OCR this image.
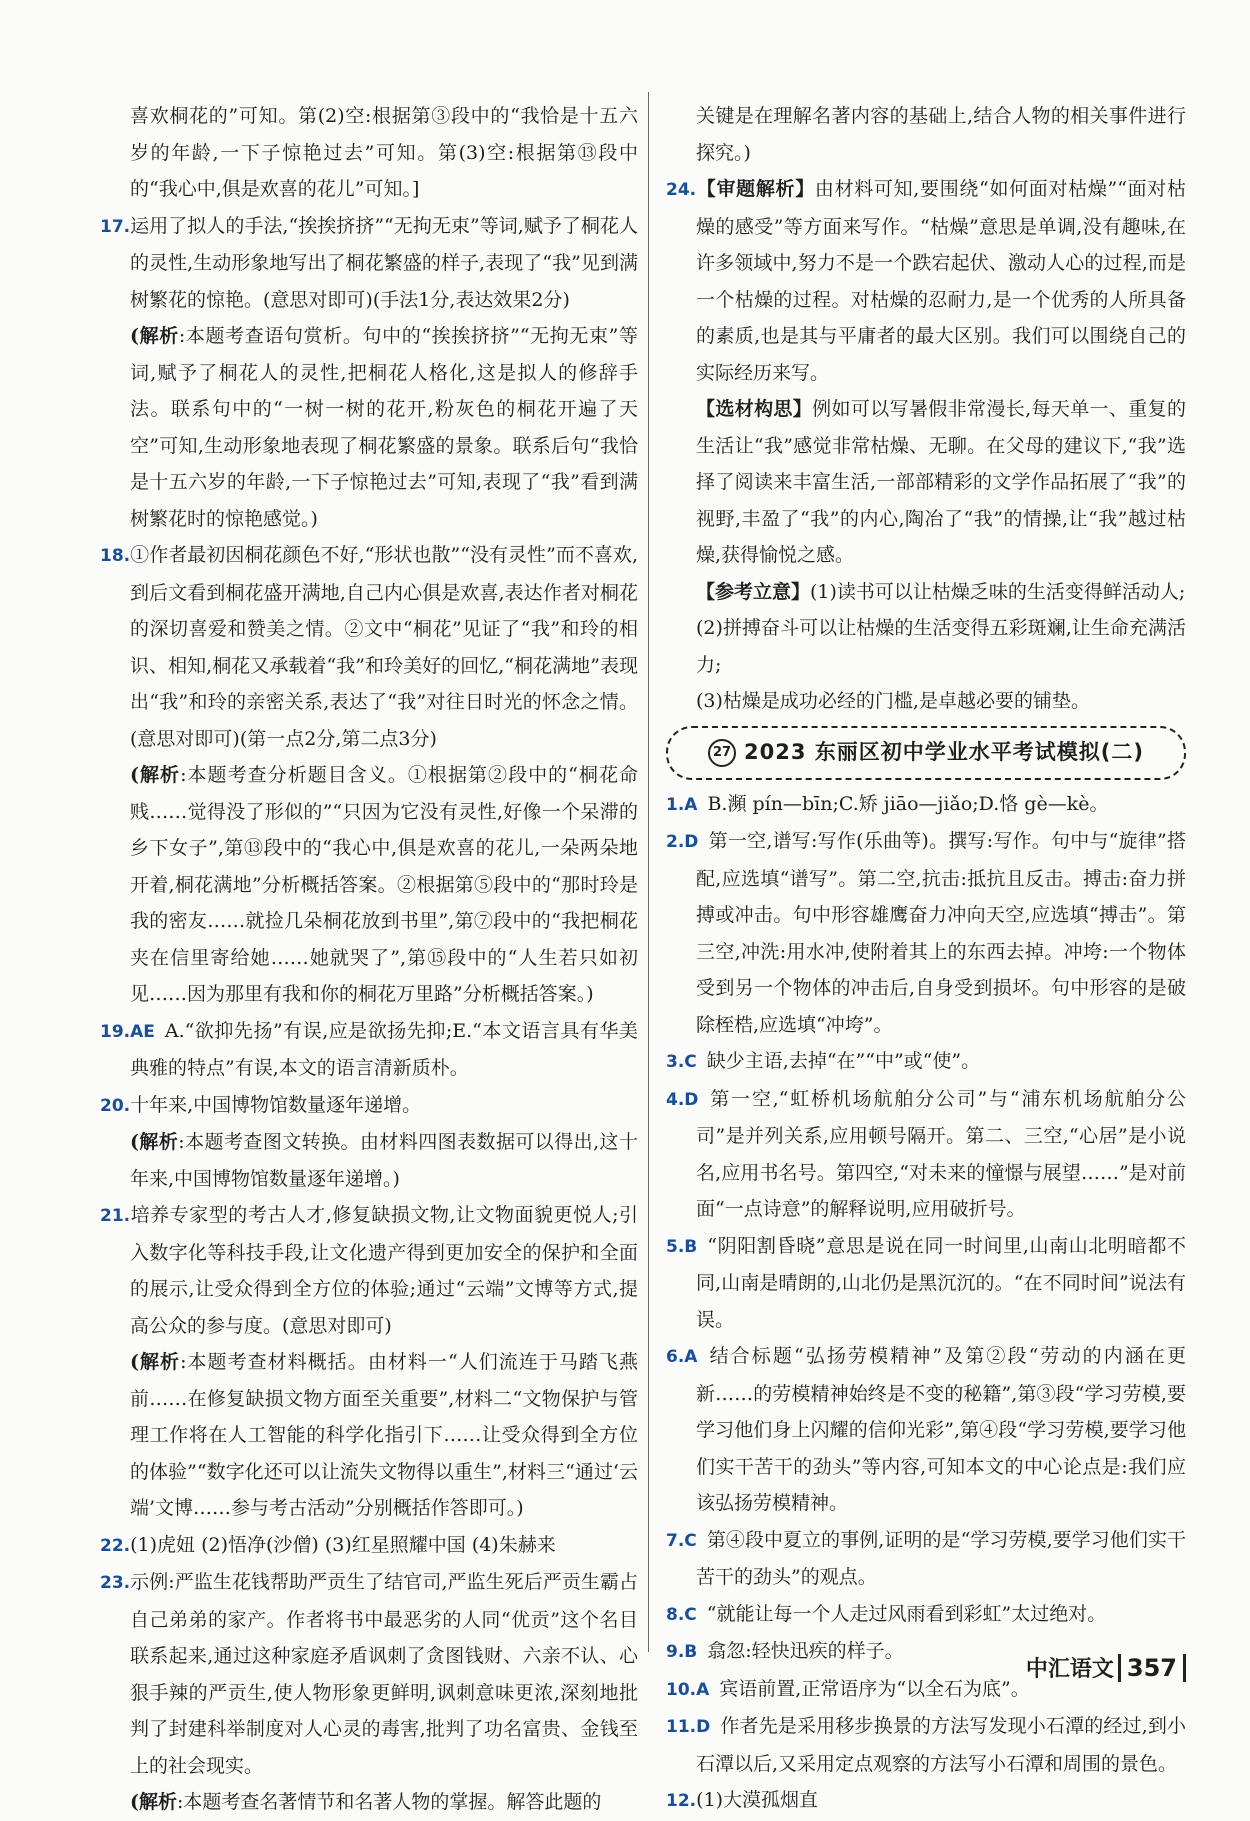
喜欢桐花的”可知。第(2)空:根据第③段中的“我恰是十五六岁的年龄,一下子惊艳过去”可知。第(3)空:根据第⑬段中的“我心中,俱是欢喜的花儿”可知。]

17.运用了拟人的手法,“挨挨挤挤”“无拘无束”等词,赋予了桐花人的灵性,生动形象地写出了桐花繁盛的样子,表现了“我”见到满树繁花的惊艳。(意思对即可)(手法1分,表达效果2分)

(解析:本题考查语句赏析。句中的“挨挨挤挤”“无拘无束”等词,赋予了桐花人的灵性,把桐花人格化,这是拟人的修辞手法。联系句中的“一树一树的花开,粉灰色的桐花开遍了天空”可知,生动形象地表现了桐花繁盛的景象。联系后句“我恰是十五六岁的年龄,一下子惊艳过去”可知,表现了“我”看到满树繁花时的惊艳感觉。)

18.①作者最初因桐花颜色不好,“形状也散”“没有灵性”而不喜欢,到后文看到桐花盛开满地,自己内心俱是欢喜,表达作者对桐花的深切喜爱和赞美之情。②文中“桐花”见证了“我”和玲的相识、相知,桐花又承载着“我”和玲美好的回忆,“桐花满地”表现出“我”和玲的亲密关系,表达了“我”对往日时光的怀念之情。(意思对即可)(第一点2分,第二点3分)

(解析:本题考查分析题目含义。①根据第②段中的“桐花命贱……觉得没了形似的”“只因为它没有灵性,好像一个呆滞的乡下女子”,第⑬段中的“我心中,俱是欢喜的花儿,一朵两朵地开着,桐花满地”分析概括答案。②根据第⑤段中的“那时玲是我的密友……就捡几朵桐花放到书里”,第⑦段中的“我把桐花夹在信里寄给她……她就哭了”,第⑮段中的“人生若只如初见……因为那里有我和你的桐花万里路”分析概括答案。)

19.AE A.“欲抑先扬”有误,应是欲扬先抑;E.“本文语言具有华美典雅的特点”有误,本文的语言清新质朴。

20.十年来,中国博物馆数量逐年递增。

(解析:本题考查图文转换。由材料四图表数据可以得出,这十年来,中国博物馆数量逐年递增。)

21.培养专家型的考古人才,修复缺损文物,让文物面貌更悦人;引入数字化等科技手段,让文化遗产得到更加安全的保护和全面的展示,让受众得到全方位的体验;通过“云端”文博等方式,提高公众的参与度。(意思对即可)

(解析:本题考查材料概括。由材料一“人们流连于马踏飞燕前……在修复缺损文物方面至关重要”,材料二“文物保护与管理工作将在人工智能的科学化指引下……让受众得到全方位的体验”“数字化还可以让流失文物得以重生”,材料三“通过‘云端’文博……参与考古活动”分别概括作答即可。)

22.(1)虎妞 (2)悟净(沙僧) (3)红星照耀中国 (4)朱赫来

23.示例:严监生花钱帮助严贡生了结官司,严监生死后严贡生霸占自己弟弟的家产。作者将书中最恶劣的人同“优贡”这个名目联系起来,通过这种家庭矛盾讽刺了贪图钱财、六亲不认、心狠手辣的严贡生,使人物形象更鲜明,讽刺意味更浓,深刻地批判了封建科举制度对人心灵的毒害,批判了功名富贵、金钱至上的社会现实。

(解析:本题考查名著情节和名著人物的掌握。解答此题的

关键是在理解名著内容的基础上,结合人物的相关事件进行探究。)

24.【审题解析】由材料可知,要围绕“如何面对枯燥”“面对枯燥的感受”等方面来写作。“枯燥”意思是单调,没有趣味,在许多领域中,努力不是一个跌宕起伏、激动人心的过程,而是一个枯燥的过程。对枯燥的忍耐力,是一个优秀的人所具备的素质,也是其与平庸者的最大区别。我们可以围绕自己的实际经历来写。

【选材构思】例如可以写暑假非常漫长,每天单一、重复的生活让“我”感觉非常枯燥、无聊。在父母的建议下,“我”选择了阅读来丰富生活,一部部精彩的文学作品拓展了“我”的视野,丰盈了“我”的内心,陶冶了“我”的情操,让“我”越过枯燥,获得愉悦之感。

【参考立意】(1)读书可以让枯燥乏味的生活变得鲜活动人;

(2)拼搏奋斗可以让枯燥的生活变得五彩斑斓,让生命充满活力;

(3)枯燥是成功必经的门槛,是卓越必要的铺垫。

27 2023 东丽区初中学业水平考试模拟(二)

1.A B.瀕 pín—bīn;C.矫 jiāo—jiǎo;D.恪 gè—kè。

2.D 第一空,谱写:写作(乐曲等)。撰写:写作。句中与“旋律”搭配,应选填“谱写”。第二空,抗击:抵抗且反击。搏击:奋力拼搏或冲击。句中形容雄鹰奋力冲向天空,应选填“搏击”。第三空,冲洗:用水冲,使附着其上的东西去掉。冲垮:一个物体受到另一个物体的冲击后,自身受到损坏。句中形容的是破除桎梏,应选填“冲垮”。

3.C 缺少主语,去掉“在”“中”或“使”。

4.D 第一空,“虹桥机场航舶分公司”与“浦东机场航舶分公司”是并列关系,应用顿号隔开。第二、三空,“心居”是小说名,应用书名号。第四空,“对未来的憧憬与展望……”是对前面“一点诗意”的解释说明,应用破折号。

5.B “阴阳割昏晓”意思是说在同一时间里,山南山北明暗都不同,山南是晴朗的,山北仍是黑沉沉的。“在不同时间”说法有误。

6.A 结合标题“弘扬劳模精神”及第②段“劳动的内涵在更新……的劳模精神始终是不变的秘籍”,第③段“学习劳模,要学习他们身上闪耀的信仰光彩”,第④段“学习劳模,要学习他们实干苦干的劲头”等内容,可知本文的中心论点是:我们应该弘扬劳模精神。

7.C 第④段中夏立的事例,证明的是“学习劳模,要学习他们实干苦干的劲头”的观点。

8.C “就能让每一个人走过风雨看到彩虹”太过绝对。

9.B 翕忽:轻快迅疾的样子。

10.A 宾语前置,正常语序为“以全石为底”。

11.D 作者先是采用移步换景的方法写发现小石潭的经过,到小石潭以后,又采用定点观察的方法写小石潭和周围的景色。

12.(1)大漠孤烟直

中汇语文 357
